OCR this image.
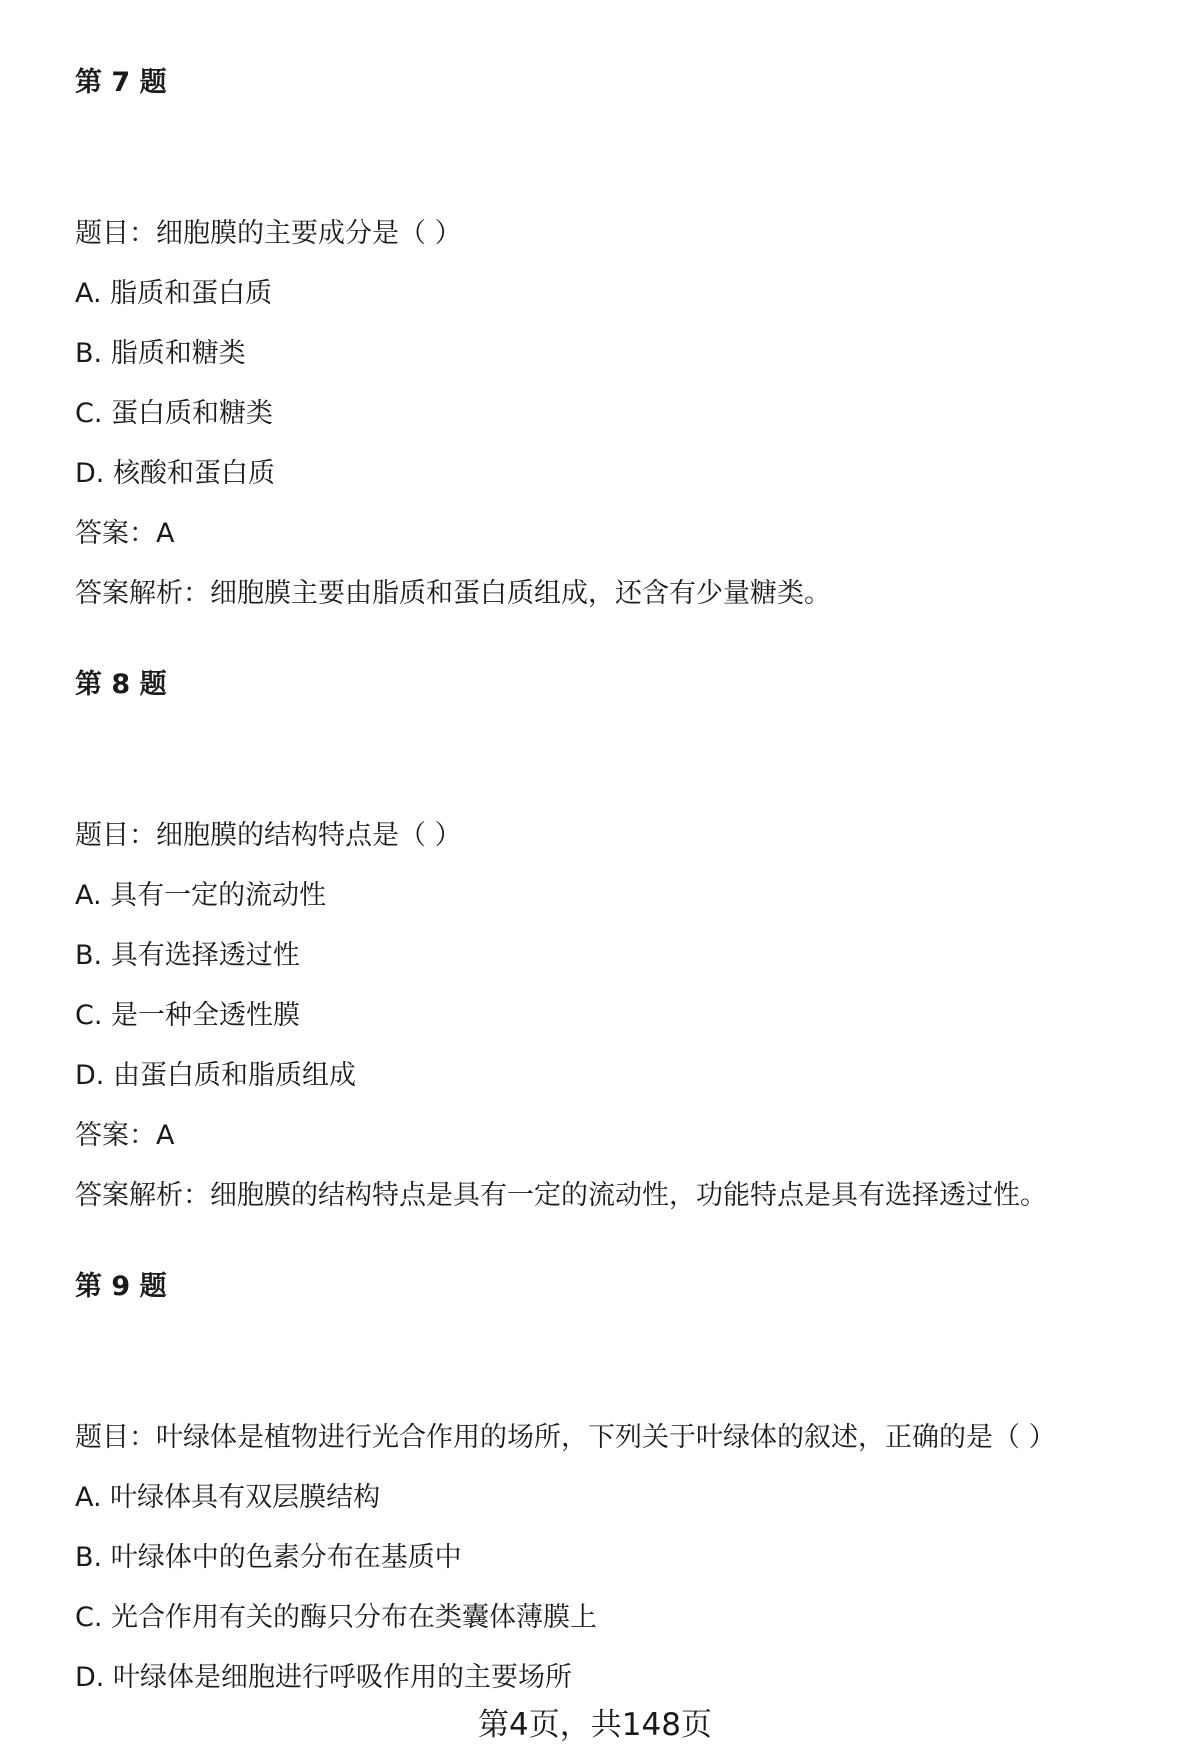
第 7 题
题目：细胞膜的主要成分是（ ）
A. 脂质和蛋白质
B. 脂质和糖类
C. 蛋白质和糖类
D. 核酸和蛋白质
答案：A
答案解析：细胞膜主要由脂质和蛋白质组成，还含有少量糖类。
第 8 题
题目：细胞膜的结构特点是（ ）
A. 具有一定的流动性
B. 具有选择透过性
C. 是一种全透性膜
D. 由蛋白质和脂质组成
答案：A
答案解析：细胞膜的结构特点是具有一定的流动性，功能特点是具有选择透过性。
第 9 题
题目：叶绿体是植物进行光合作用的场所，下列关于叶绿体的叙述，正确的是（ ）
A. 叶绿体具有双层膜结构
B. 叶绿体中的色素分布在基质中
C. 光合作用有关的酶只分布在类囊体薄膜上
D. 叶绿体是细胞进行呼吸作用的主要场所
第4页，共148页
